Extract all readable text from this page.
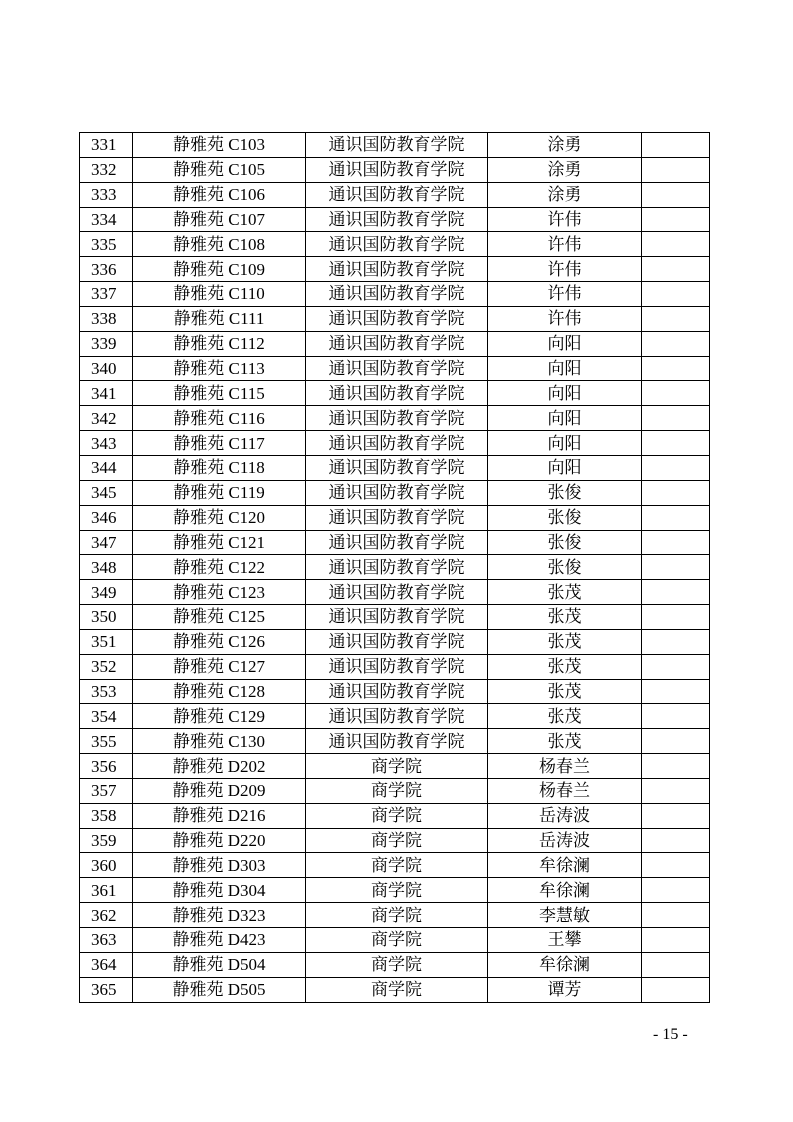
331	静雅苑 C103	通识国防教育学院	涂勇	
332	静雅苑 C105	通识国防教育学院	涂勇	
333	静雅苑 C106	通识国防教育学院	涂勇	
334	静雅苑 C107	通识国防教育学院	许伟	
335	静雅苑 C108	通识国防教育学院	许伟	
336	静雅苑 C109	通识国防教育学院	许伟	
337	静雅苑 C110	通识国防教育学院	许伟	
338	静雅苑 C111	通识国防教育学院	许伟	
339	静雅苑 C112	通识国防教育学院	向阳	
340	静雅苑 C113	通识国防教育学院	向阳	
341	静雅苑 C115	通识国防教育学院	向阳	
342	静雅苑 C116	通识国防教育学院	向阳	
343	静雅苑 C117	通识国防教育学院	向阳	
344	静雅苑 C118	通识国防教育学院	向阳	
345	静雅苑 C119	通识国防教育学院	张俊	
346	静雅苑 C120	通识国防教育学院	张俊	
347	静雅苑 C121	通识国防教育学院	张俊	
348	静雅苑 C122	通识国防教育学院	张俊	
349	静雅苑 C123	通识国防教育学院	张茂	
350	静雅苑 C125	通识国防教育学院	张茂	
351	静雅苑 C126	通识国防教育学院	张茂	
352	静雅苑 C127	通识国防教育学院	张茂	
353	静雅苑 C128	通识国防教育学院	张茂	
354	静雅苑 C129	通识国防教育学院	张茂	
355	静雅苑 C130	通识国防教育学院	张茂	
356	静雅苑 D202	商学院	杨春兰	
357	静雅苑 D209	商学院	杨春兰	
358	静雅苑 D216	商学院	岳涛波	
359	静雅苑 D220	商学院	岳涛波	
360	静雅苑 D303	商学院	牟徐澜	
361	静雅苑 D304	商学院	牟徐澜	
362	静雅苑 D323	商学院	李慧敏	
363	静雅苑 D423	商学院	王攀	
364	静雅苑 D504	商学院	牟徐澜	
365	静雅苑 D505	商学院	谭芳	
- 15 -
